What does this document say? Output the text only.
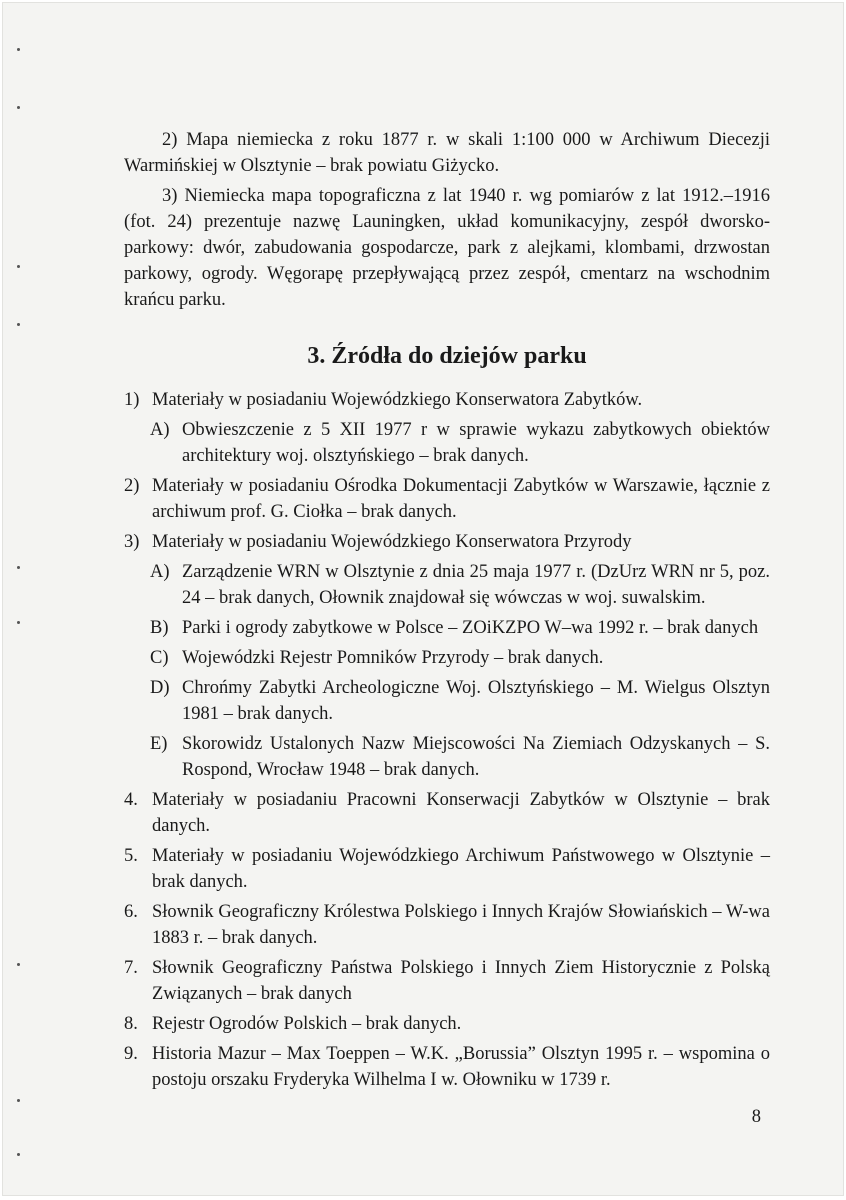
2) Mapa niemiecka z roku 1877 r. w skali 1:100 000 w Archiwum Diecezji Warmińskiej w Olsztynie – brak powiatu Giżycko.

3) Niemiecka mapa topograficzna z lat 1940 r. wg pomiarów z lat 1912.–1916 (fot. 24) prezentuje nazwę Launingken, układ komunikacyjny, zespół dworsko-parkowy: dwór, zabudowania gospodarcze, park z alejkami, klombami, drzwostan parkowy, ogrody. Węgorapę przepływającą przez zespół, cmentarz na wschodnim krańcu parku.

3. Źródła do dziejów parku
1) Materiały w posiadaniu Wojewódzkiego Konserwatora Zabytków.
A) Obwieszczenie z 5 XII 1977 r w sprawie wykazu zabytkowych obiektów architektury woj. olsztyńskiego – brak danych.
2) Materiały w posiadaniu Ośrodka Dokumentacji Zabytków w Warszawie, łącznie z archiwum prof. G. Ciołka – brak danych.
3) Materiały w posiadaniu Wojewódzkiego Konserwatora Przyrody
A) Zarządzenie WRN w Olsztynie z dnia 25 maja 1977 r. (DzUrz WRN nr 5, poz. 24 – brak danych, Ołownik znajdował się wówczas w woj. suwalskim.
B) Parki i ogrody zabytkowe w Polsce – ZOiKZPO W–wa 1992 r. – brak danych
C) Wojewódzki Rejestr Pomników Przyrody – brak danych.
D) Chrońmy Zabytki Archeologiczne Woj. Olsztyńskiego – M. Wielgus Olsztyn 1981 – brak danych.
E) Skorowidz Ustalonych Nazw Miejscowości Na Ziemiach Odzyskanych – S. Rospond, Wrocław 1948 – brak danych.
4. Materiały w posiadaniu Pracowni Konserwacji Zabytków w Olsztynie – brak danych.
5. Materiały w posiadaniu Wojewódzkiego Archiwum Państwowego w Olsztynie – brak danych.
6. Słownik Geograficzny Królestwa Polskiego i Innych Krajów Słowiańskich – W-wa 1883 r. – brak danych.
7. Słownik Geograficzny Państwa Polskiego i Innych Ziem Historycznie z Polską Związanych – brak danych
8. Rejestr Ogrodów Polskich – brak danych.
9. Historia Mazur – Max Toeppen – W.K. „Borussia” Olsztyn 1995 r. – wspomina o postoju orszaku Fryderyka Wilhelma I w. Ołowniku w 1739 r.
8
